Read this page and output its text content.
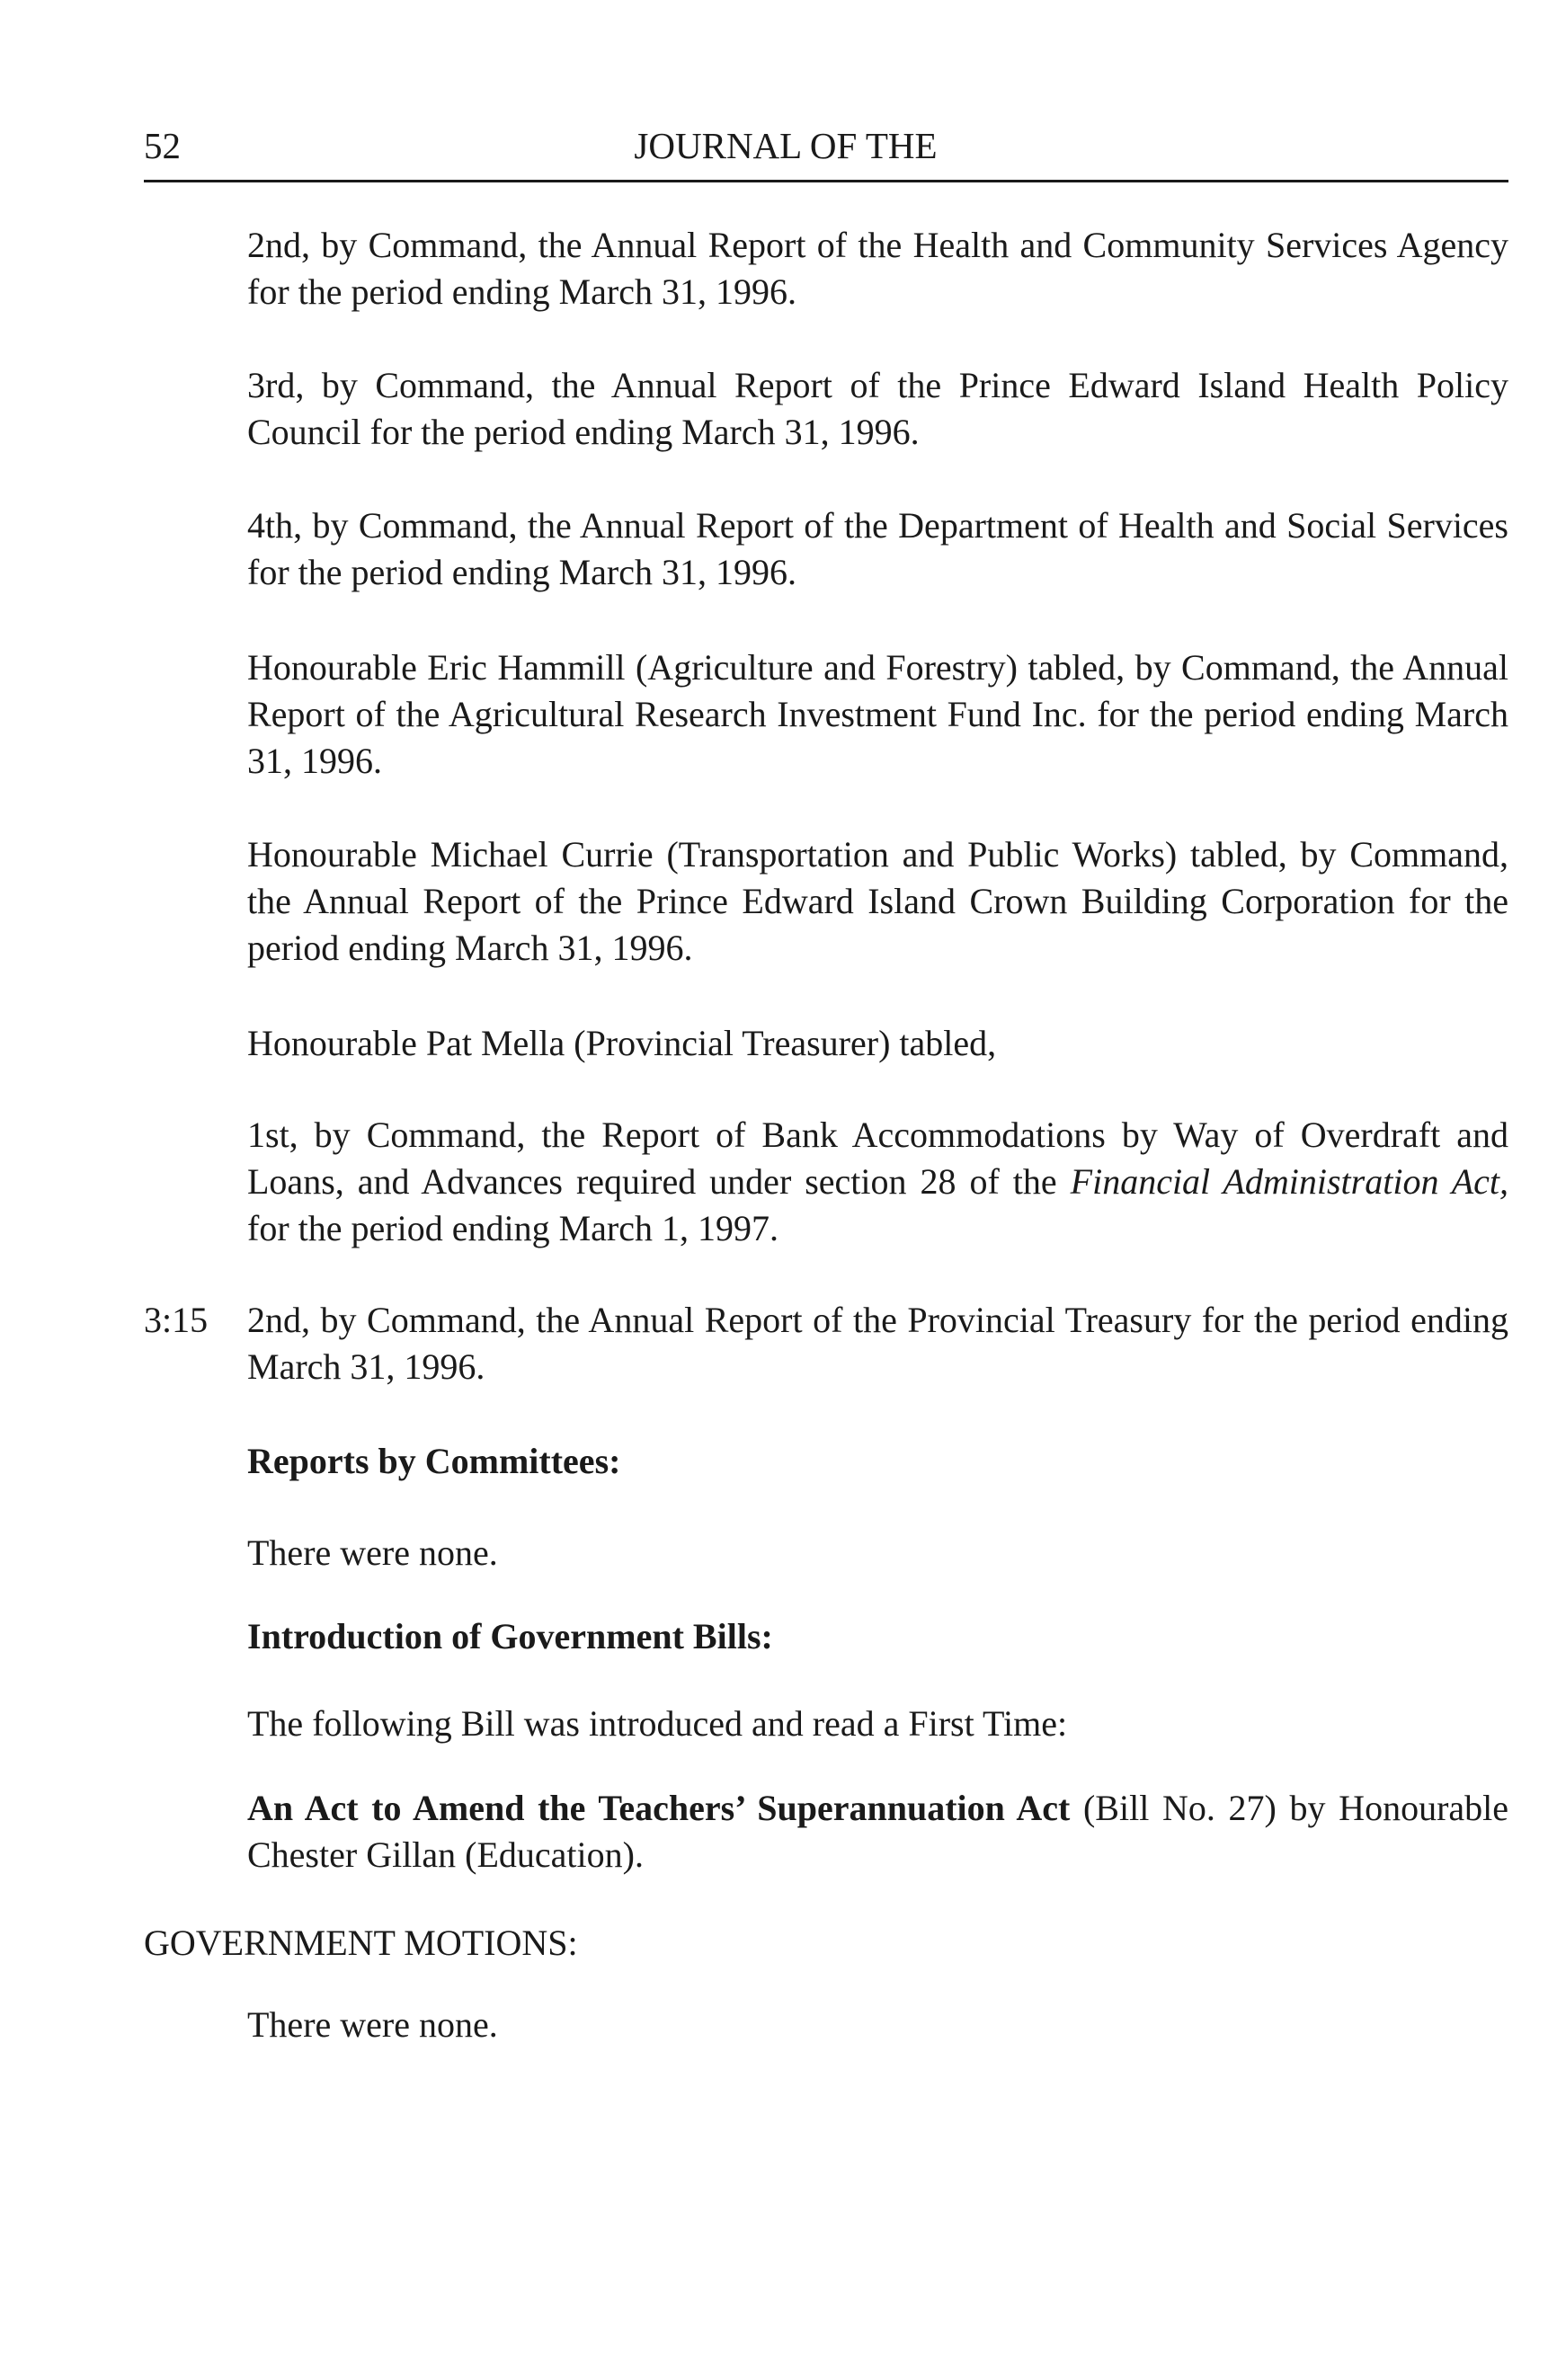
52	JOURNAL OF THE

2nd, by Command, the Annual Report of the Health and Community Services Agency for the period ending March 31, 1996.

3rd, by Command, the Annual Report of the Prince Edward Island Health Policy Council for the period ending March 31, 1996.

4th, by Command, the Annual Report of the Department of Health and Social Services for the period ending March 31, 1996.

Honourable Eric Hammill (Agriculture and Forestry) tabled, by Command, the Annual Report of the Agricultural Research Investment Fund Inc. for the period ending March 31, 1996.

Honourable Michael Currie (Transportation and Public Works) tabled, by Command, the Annual Report of the Prince Edward Island Crown Building Corporation for the period ending March 31, 1996.

Honourable Pat Mella (Provincial Treasurer) tabled,

1st, by Command, the Report of Bank Accommodations by Way of Overdraft and Loans, and Advances required under section 28 of the Financial Administration Act, for the period ending March 1, 1997.

3:15 2nd, by Command, the Annual Report of the Provincial Treasury for the period ending March 31, 1996.

Reports by Committees:

There were none.

Introduction of Government Bills:

The following Bill was introduced and read a First Time:

An Act to Amend the Teachers’ Superannuation Act (Bill No. 27) by Honourable Chester Gillan (Education).

GOVERNMENT MOTIONS:

There were none.
